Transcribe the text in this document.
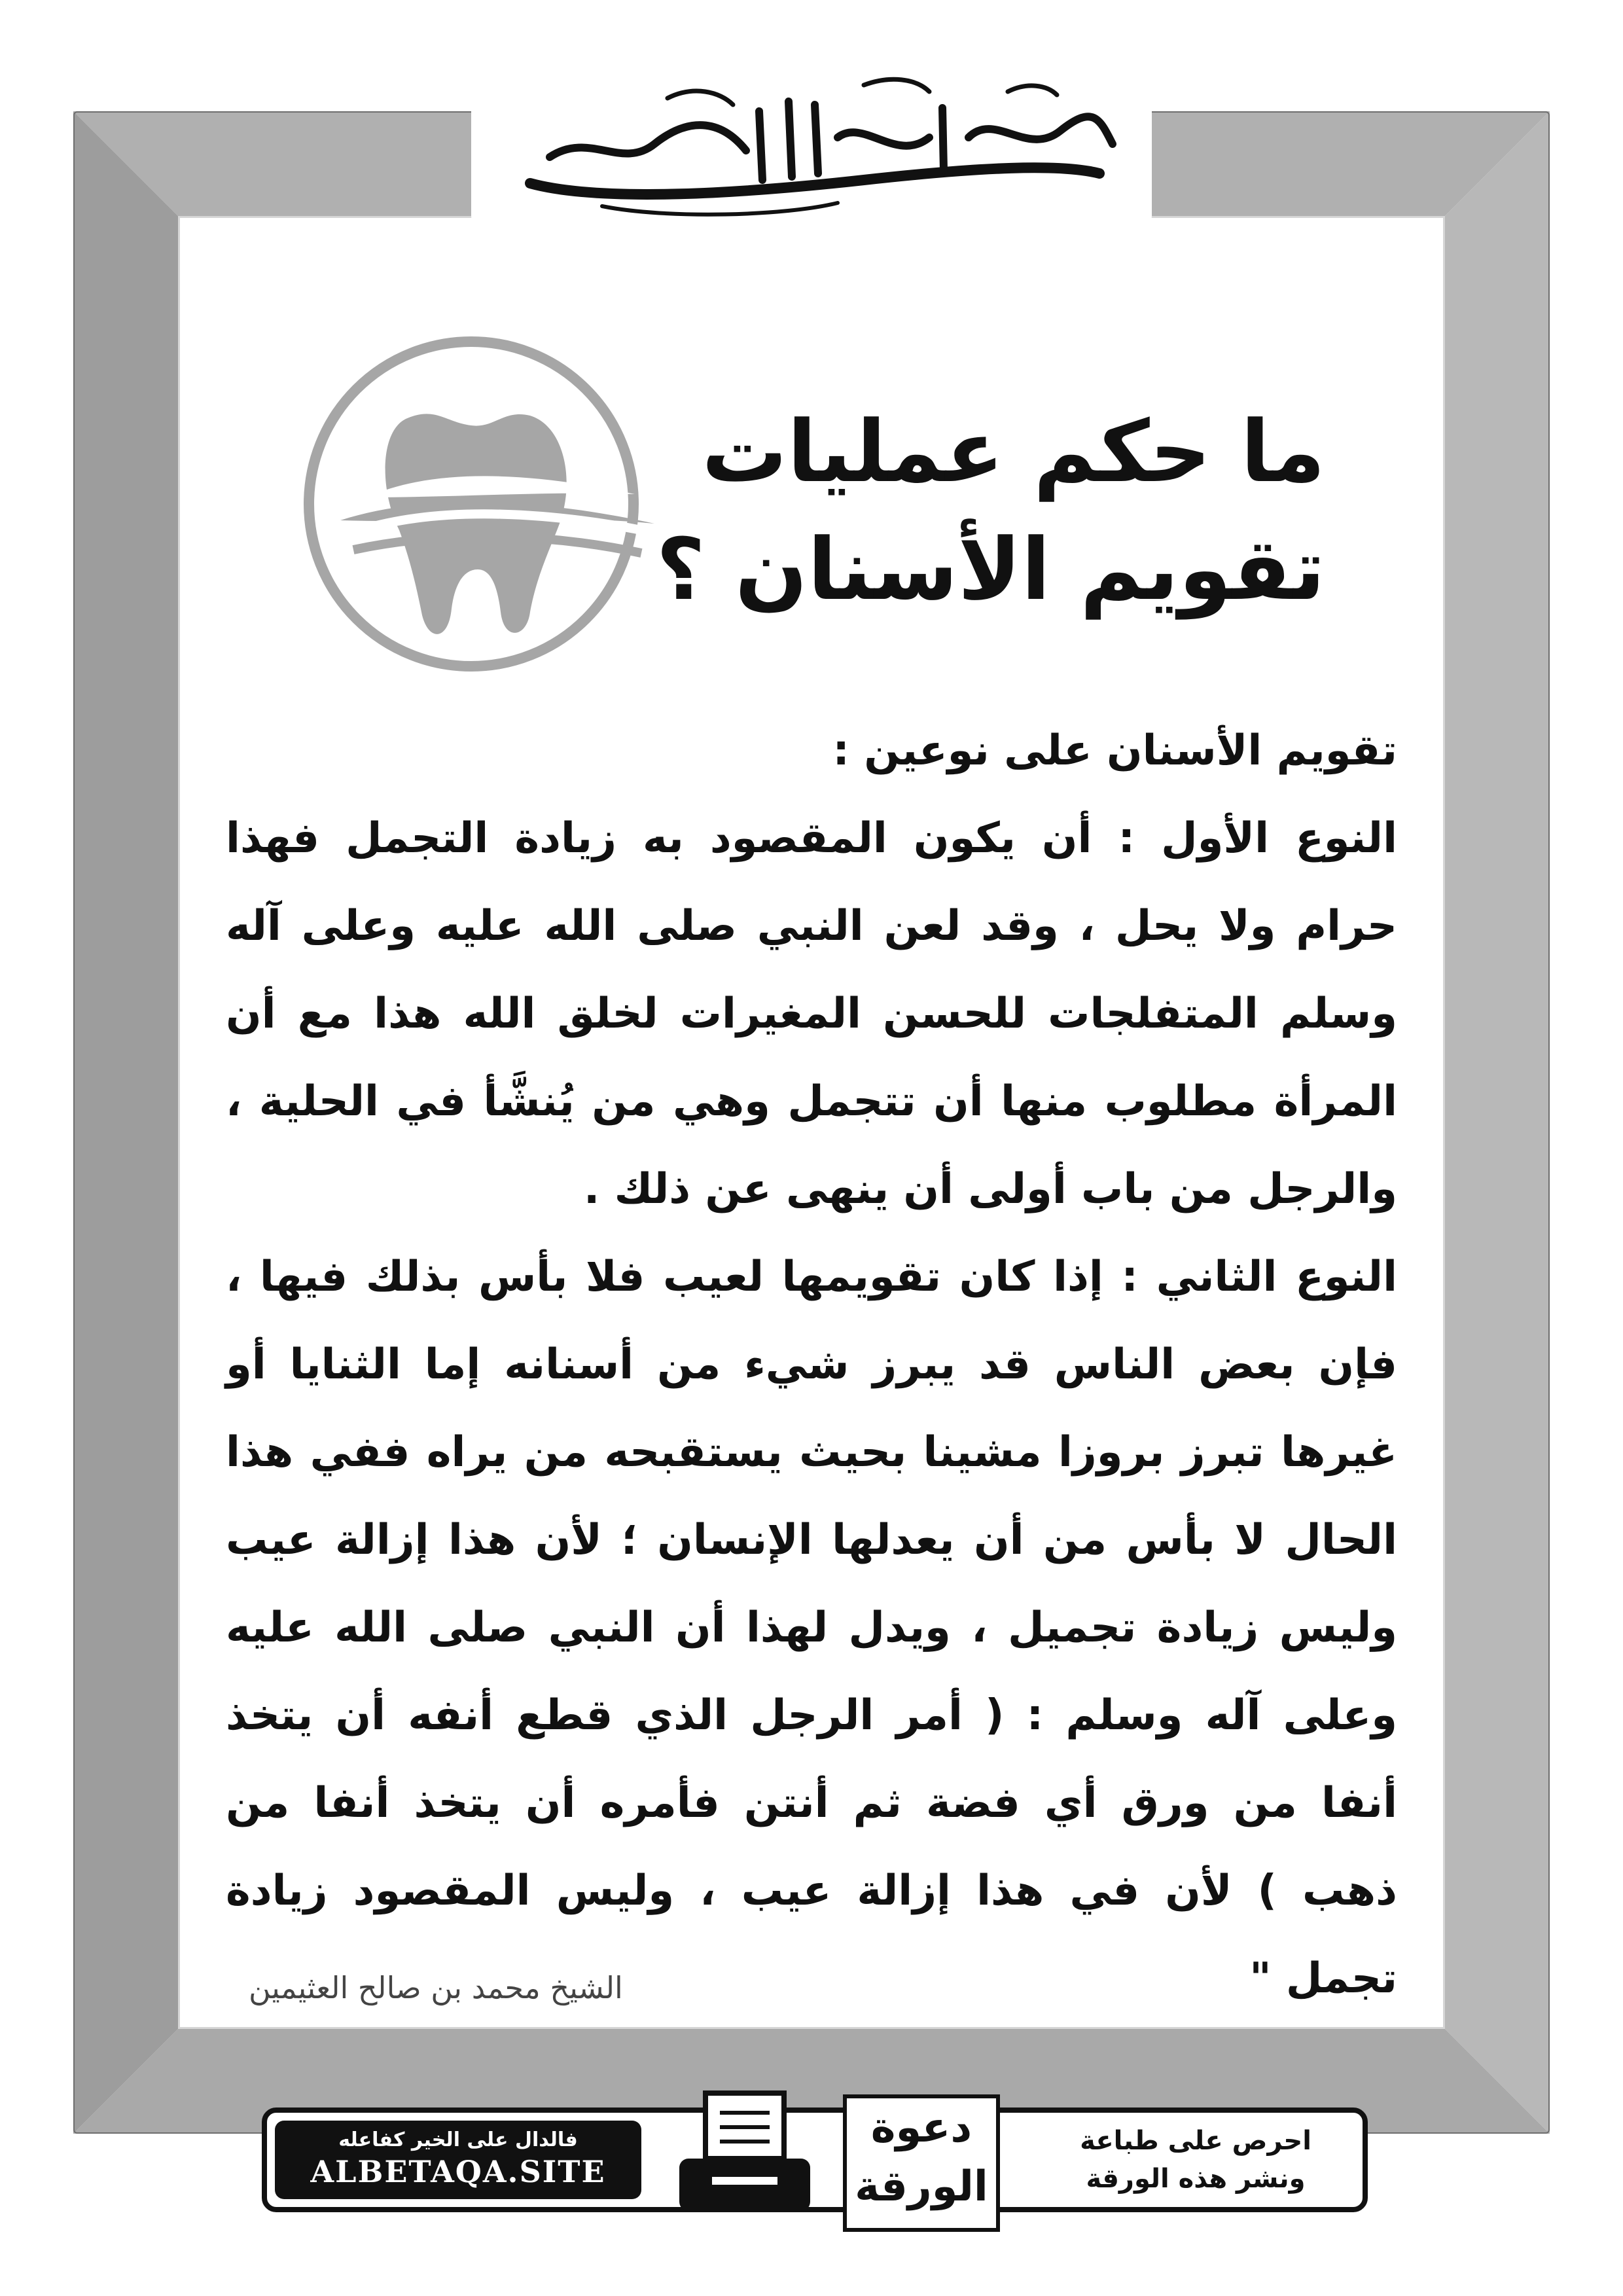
ما حكم عمليات
تقويم الأسنان ؟

تقويم الأسنان على نوعين :

النوع الأول : أن يكون المقصود به زيادة التجمل فهذا حرام ولا يحل ، وقد لعن النبي صلى الله عليه وعلى آله وسلم المتفلجات للحسن المغيرات لخلق الله هذا مع أن المرأة مطلوب منها أن تتجمل وهي من يُنشَّأ في الحلية ، والرجل من باب أولى أن ينهى عن ذلك .

النوع الثاني : إذا كان تقويمها لعيب فلا بأس بذلك فيها ، فإن بعض الناس قد يبرز شيء من أسنانه إما الثنايا أو غيرها تبرز بروزا مشينا بحيث يستقبحه من يراه ففي هذا الحال لا بأس من أن يعدلها الإنسان ؛ لأن هذا إزالة عيب وليس زيادة تجميل ، ويدل لهذا أن النبي صلى الله عليه وعلى آله وسلم : ( أمر الرجل الذي قطع أنفه أن يتخذ أنفا من ورق أي فضة ثم أنتن فأمره أن يتخذ أنفا من ذهب ) لأن في هذا إزالة عيب ، وليس المقصود زيادة تجمل "

الشيخ محمد بن صالح العثيمين
فالدال على الخير كفاعله
ALBETAQA.SITE
دعوة
الورقة
احرص على طباعة
ونشر هذه الورقة
